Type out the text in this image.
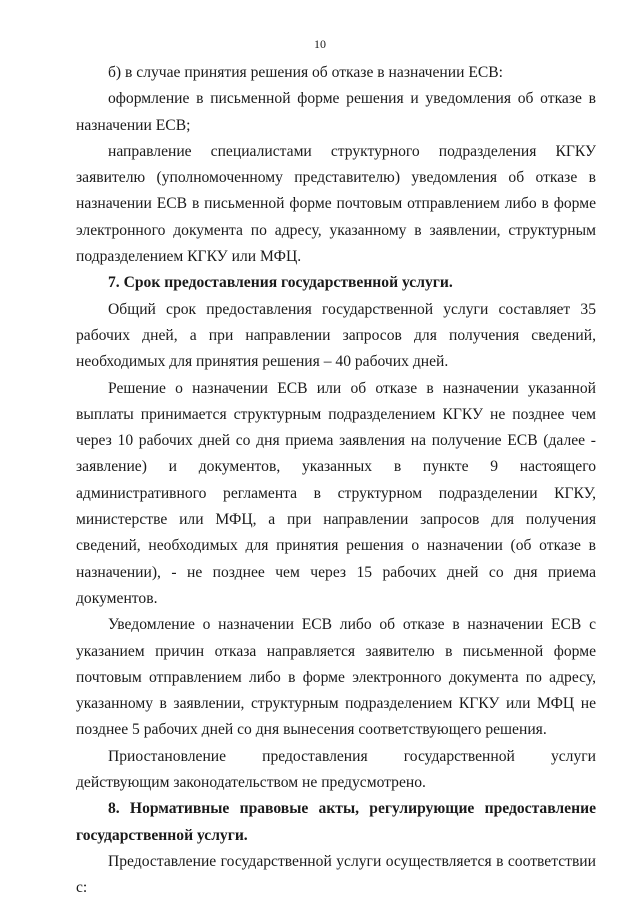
10

б) в случае принятия решения об отказе в назначении ЕСВ:

оформление в письменной форме решения и уведомления об отказе в назначении ЕСВ;

направление специалистами структурного подразделения КГКУ заявителю (уполномоченному представителю) уведомления об отказе в назначении ЕСВ в письменной форме почтовым отправлением либо в форме электронного документа по адресу, указанному в заявлении, структурным подразделением КГКУ или МФЦ.

7. Срок предоставления государственной услуги.

Общий срок предоставления государственной услуги составляет 35 рабочих дней, а при направлении запросов для получения сведений, необходимых для принятия решения – 40 рабочих дней.

Решение о назначении ЕСВ или об отказе в назначении указанной выплаты принимается структурным подразделением КГКУ не позднее чем через 10 рабочих дней со дня приема заявления на получение ЕСВ (далее - заявление) и документов, указанных в пункте 9 настоящего административного регламента в структурном подразделении КГКУ, министерстве или МФЦ, а при направлении запросов для получения сведений, необходимых для принятия решения о назначении (об отказе в назначении), - не позднее чем через 15 рабочих дней со дня приема документов.

Уведомление о назначении ЕСВ либо об отказе в назначении ЕСВ с указанием причин отказа направляется заявителю в письменной форме почтовым отправлением либо в форме электронного документа по адресу, указанному в заявлении, структурным подразделением КГКУ или МФЦ не позднее 5 рабочих дней со дня вынесения соответствующего решения.

Приостановление предоставления государственной услуги действующим законодательством не предусмотрено.

8. Нормативные правовые акты, регулирующие предоставление государственной услуги.

Предоставление государственной услуги осуществляется в соответствии с:
